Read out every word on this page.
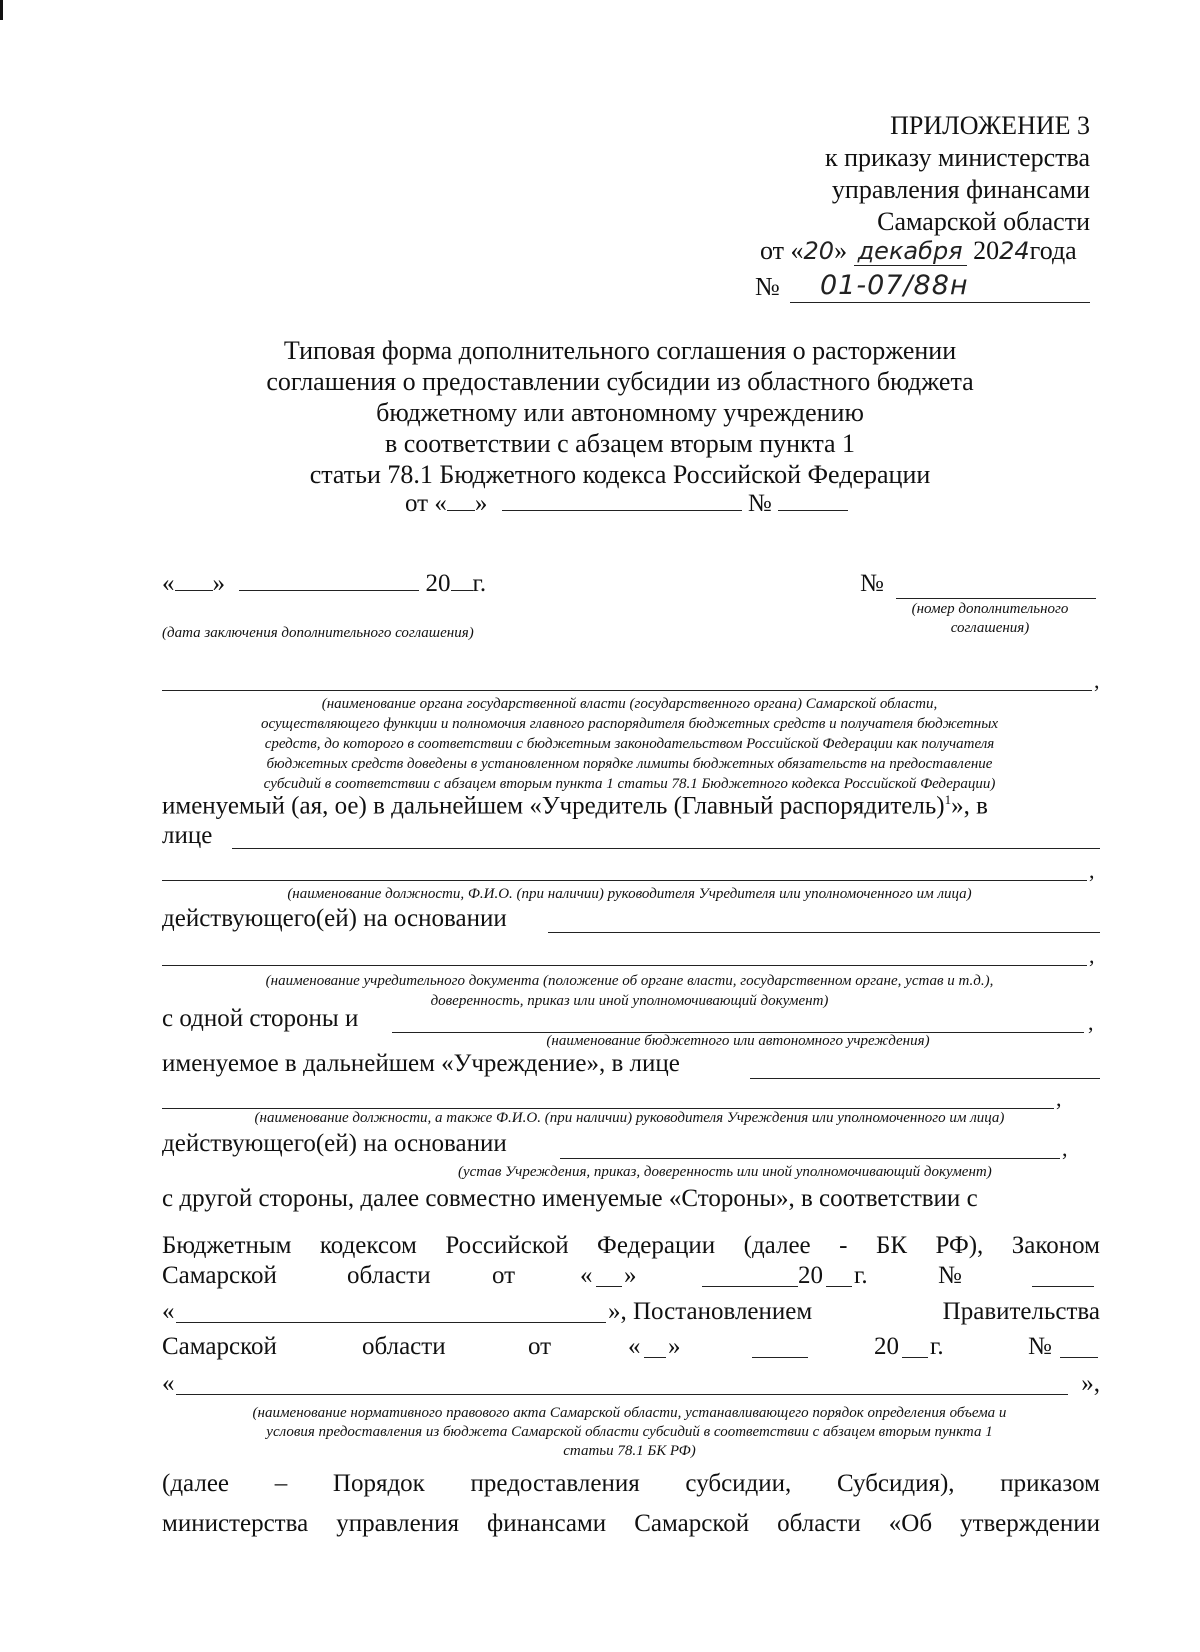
ПРИЛОЖЕНИЕ 3
к приказу министерства
управления финансами
Самарской области
от «20» декабря 2024года
№ 01-07/88н
Типовая форма дополнительного соглашения о расторжении
соглашения о предоставлении субсидии из областного бюджета
бюджетному или автономному учреждению
в соответствии с абзацем вторым пункта 1
статьи 78.1 Бюджетного кодекса Российской Федерации
от « »	№
« »	20 г.	№
(дата заключения дополнительного соглашения)
(номер дополнительного
соглашения)
,
(наименование органа государственной власти (государственного органа) Самарской области,
осуществляющего функции и полномочия главного распорядителя бюджетных средств и получателя бюджетных
средств, до которого в соответствии с бюджетным законодательством Российской Федерации как получателя
бюджетных средств доведены в установленном порядке лимиты бюджетных обязательств на предоставление
субсидий в соответствии с абзацем вторым пункта 1 статьи 78.1 Бюджетного кодекса Российской Федерации)
именуемый (ая, ое) в дальнейшем «Учредитель (Главный распорядитель)$^1$», в
лице
,
(наименование должности, Ф.И.О. (при наличии) руководителя Учредителя или уполномоченного им лица)
действующего(ей) на основании
,
(наименование учредительного документа (положение об органе власти, государственном органе, устав и т.д.),
доверенность, приказ или иной уполномочивающий документ)
с одной стороны и	,
(наименование бюджетного или автономного учреждения)
именуемое в дальнейшем «Учреждение», в лице
,
(наименование должности, а также Ф.И.О. (при наличии) руководителя Учреждения или уполномоченного им лица)
действующего(ей) на основании	,
(устав Учреждения, приказ, доверенность или иной уполномочивающий документ)
с другой стороны, далее совместно именуемые «Стороны», в соответствии с
Бюджетным кодексом Российской Федерации (далее - БК РФ), Законом
Самарской	области от	« »	20 г.	№
«	», Постановлением	Правительства
Самарской	области	от	« »	20 г.	№
«	»,
(наименование нормативного правового акта Самарской области, устанавливающего порядок определения объема и
условия предоставления из бюджета Самарской области субсидий в соответствии с абзацем вторым пункта 1
статьи 78.1 БК РФ)
(далее – Порядок предоставления субсидии, Субсидия), приказом
министерства управления финансами Самарской области «Об утверждении
